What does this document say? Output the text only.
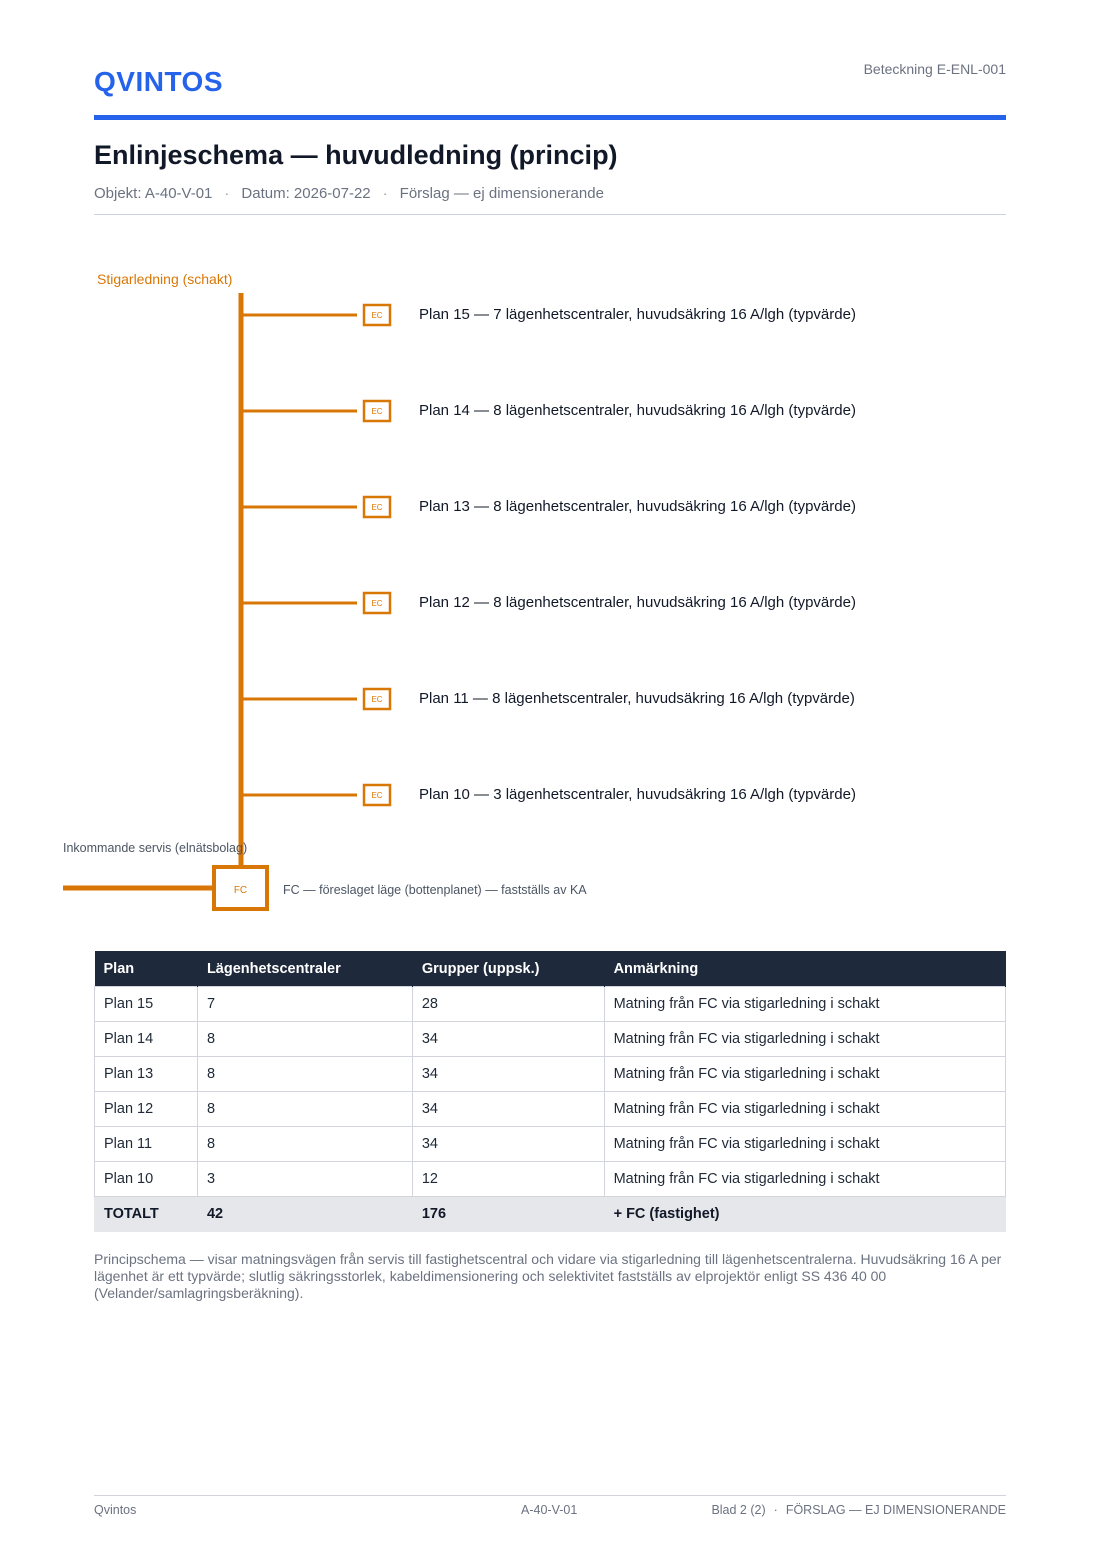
QVINTOS	Beteckning E-ENL-001
Enlinjeschema — huvudledning (princip)
Objekt: A-40-V-01 · Datum: 2026-07-22 · Förslag — ej dimensionerande
FC
EC
EC
EC
EC
EC
EC
Stigarledning (schakt)
Plan 15 — 7 lägenhetscentraler, huvudsäkring 16 A/lgh (typvärde)
Plan 14 — 8 lägenhetscentraler, huvudsäkring 16 A/lgh (typvärde)
Plan 13 — 8 lägenhetscentraler, huvudsäkring 16 A/lgh (typvärde)
Plan 12 — 8 lägenhetscentraler, huvudsäkring 16 A/lgh (typvärde)
Plan 11 — 8 lägenhetscentraler, huvudsäkring 16 A/lgh (typvärde)
Plan 10 — 3 lägenhetscentraler, huvudsäkring 16 A/lgh (typvärde)
Inkommande servis (elnätsbolag)
FC — föreslaget läge (bottenplanet) — fastställs av KA
Plan	Lägenhetscentraler	Grupper (uppsk.)	Anmärkning
Plan 15	7	28	Matning från FC via stigarledning i schakt
Plan 14	8	34	Matning från FC via stigarledning i schakt
Plan 13	8	34	Matning från FC via stigarledning i schakt
Plan 12	8	34	Matning från FC via stigarledning i schakt
Plan 11	8	34	Matning från FC via stigarledning i schakt
Plan 10	3	12	Matning från FC via stigarledning i schakt
TOTALT	42	176	+ FC (fastighet)
Principschema — visar matningsvägen från servis till fastighetscentral och vidare via stigarledning till lägenhetscentralerna. Huvudsäkring 16 A per lägenhet är ett typvärde; slutlig säkringsstorlek, kabeldimensionering och selektivitet fastställs av elprojektör enligt SS 436 40 00 (Velander/samlagringsberäkning).
Qvintos	A-40-V-01	Blad 2 (2) · FÖRSLAG — EJ DIMENSIONERANDE
